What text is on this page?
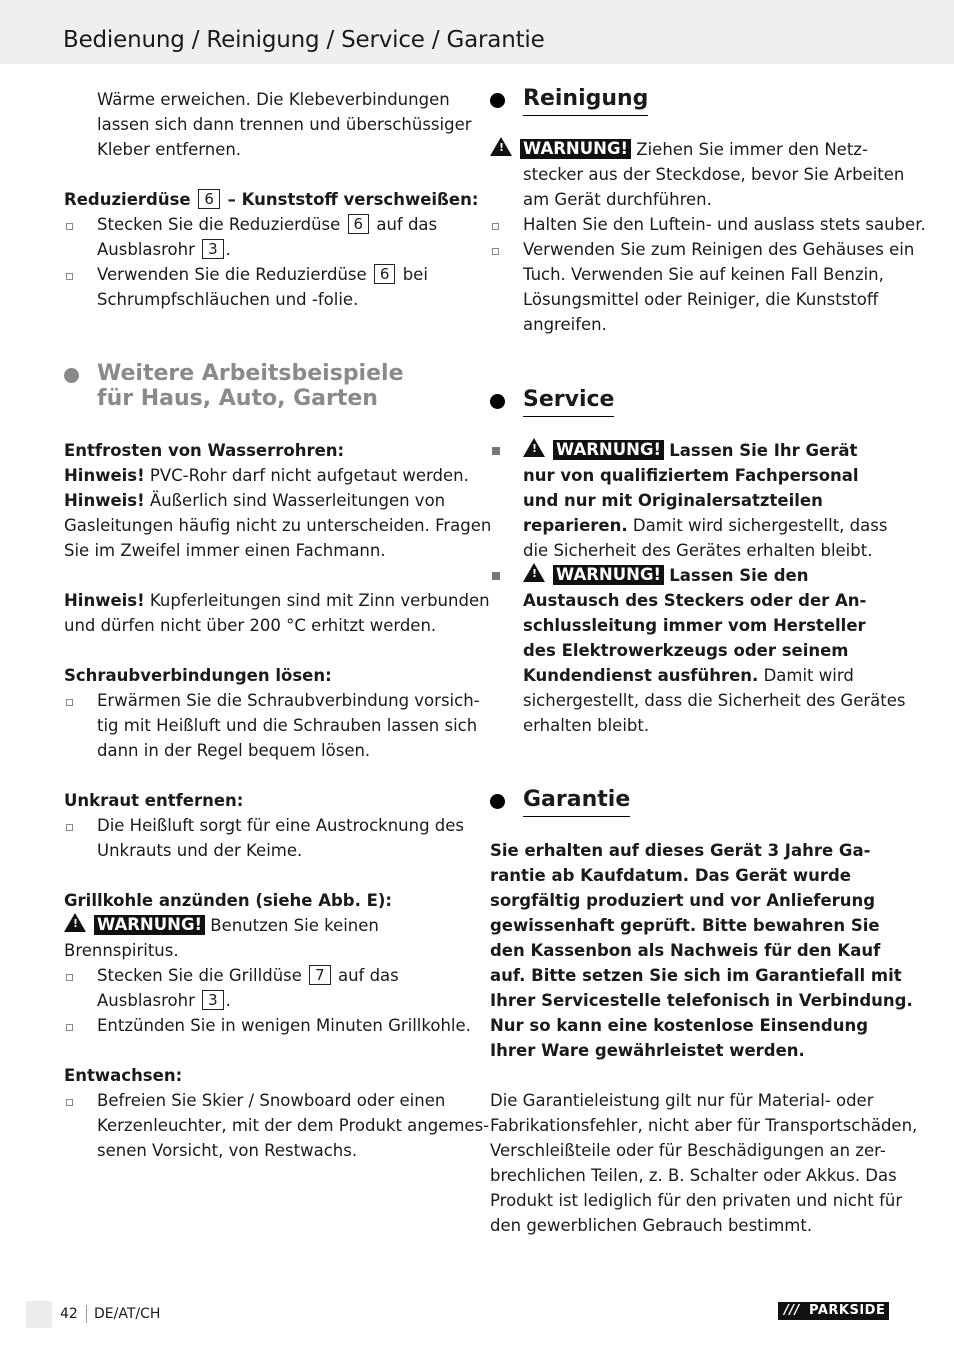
Bedienung / Reinigung / Service / Garantie

Wärme erweichen. Die Klebeverbindungen

lassen sich dann trennen und überschüssiger

Kleber entfernen.

Reduzierdüse 6 – Kunststoff verschweißen:

Stecken Sie die Reduzierdüse 6 auf das

Ausblasrohr 3 .

Verwenden Sie die Reduzierdüse 6 bei

Schrumpfschläuchen und -folie.

Weitere Arbeitsbeispiele
für Haus, Auto, Garten

Entfrosten von Wasserrohren:

Hinweis! PVC-Rohr darf nicht aufgetaut werden.

Hinweis! Äußerlich sind Wasserleitungen von

Gasleitungen häufig nicht zu unterscheiden. Fragen

Sie im Zweifel immer einen Fachmann.

Hinweis! Kupferleitungen sind mit Zinn verbunden

und dürfen nicht über 200 °C erhitzt werden.

Schraubverbindungen lösen:

Erwärmen Sie die Schraubverbindung vorsich-

tig mit Heißluft und die Schrauben lassen sich

dann in der Regel bequem lösen.

Unkraut entfernen:

Die Heißluft sorgt für eine Austrocknung des

Unkrauts und der Keime.

Grillkohle anzünden (siehe Abb. E):

! WARNUNG! Benutzen Sie keinen

Brennspiritus.

Stecken Sie die Grilldüse 7 auf das

Ausblasrohr 3 .

Entzünden Sie in wenigen Minuten Grillkohle.

Entwachsen:

Befreien Sie Skier / Snowboard oder einen

Kerzenleuchter, mit der dem Produkt angemes-

senen Vorsicht, von Restwachs.

Reinigung

! WARNUNG! Ziehen Sie immer den Netz-

stecker aus der Steckdose, bevor Sie Arbeiten

am Gerät durchführen.

Halten Sie den Luftein- und auslass stets sauber.

Verwenden Sie zum Reinigen des Gehäuses ein

Tuch. Verwenden Sie auf keinen Fall Benzin,

Lösungsmittel oder Reiniger, die Kunststoff

angreifen.

Service

! WARNUNG! Lassen Sie Ihr Gerät

nur von qualifiziertem Fachpersonal

und nur mit Originalersatzteilen

reparieren. Damit wird sichergestellt, dass

die Sicherheit des Gerätes erhalten bleibt.

! WARNUNG! Lassen Sie den

Austausch des Steckers oder der An-

schlussleitung immer vom Hersteller

des Elektrowerkzeugs oder seinem

Kundendienst ausführen. Damit wird

sichergestellt, dass die Sicherheit des Gerätes

erhalten bleibt.

Garantie

Sie erhalten auf dieses Gerät 3 Jahre Ga-

rantie ab Kaufdatum. Das Gerät wurde

sorgfältig produziert und vor Anlieferung

gewissenhaft geprüft. Bitte bewahren Sie

den Kassenbon als Nachweis für den Kauf

auf. Bitte setzen Sie sich im Garantiefall mit

Ihrer Servicestelle telefonisch in Verbindung.

Nur so kann eine kostenlose Einsendung

Ihrer Ware gewährleistet werden.

Die Garantieleistung gilt nur für Material- oder

Fabrikationsfehler, nicht aber für Transportschäden,

Verschleißteile oder für Beschädigungen an zer-

brechlichen Teilen, z. B. Schalter oder Akkus. Das

Produkt ist lediglich für den privaten und nicht für

den gewerblichen Gebrauch bestimmt.

42 DE/AT/CH	/// PARKSIDE
